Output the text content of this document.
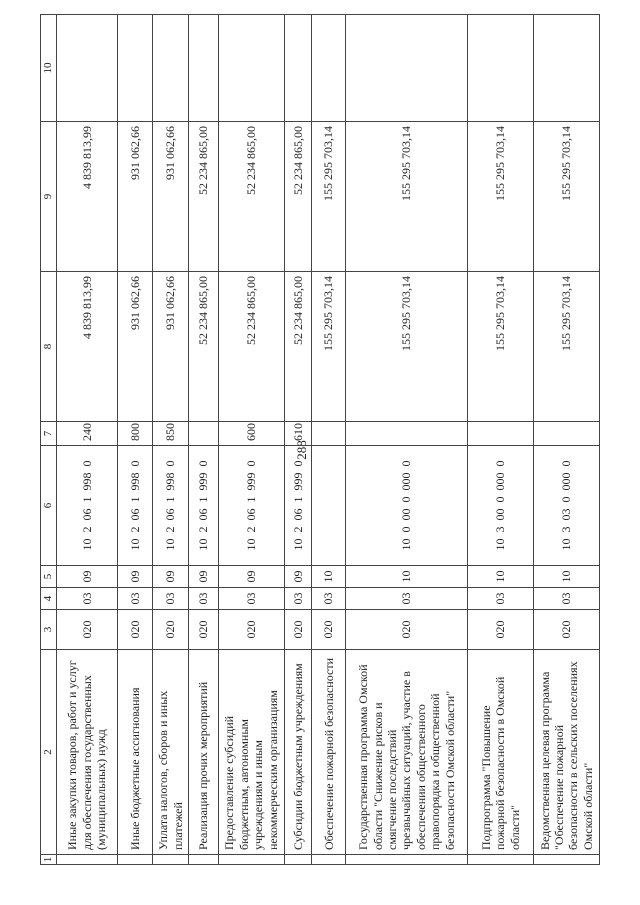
288
1	2	3	4	5	6	7	8	9	10
	Иные закупки товаров, работ и услуг для обеспечения государственных (муниципальных) нужд	020	03	09	10 2 06 1 998 0	240	4 839 813,99	4 839 813,99	
	Иные бюджетные ассигнования	020	03	09	10 2 06 1 998 0	800	931 062,66	931 062,66	
	Уплата налогов, сборов и иных платежей	020	03	09	10 2 06 1 998 0	850	931 062,66	931 062,66	
	Реализация прочих мероприятий	020	03	09	10 2 06 1 999 0		52 234 865,00	52 234 865,00	
	Предоставление субсидий бюджетным, автономным учреждениям и иным некоммерческим организациям	020	03	09	10 2 06 1 999 0	600	52 234 865,00	52 234 865,00	
	Субсидии бюджетным учреждениям	020	03	09	10 2 06 1 999 0	610	52 234 865,00	52 234 865,00	
	Обеспечение пожарной безопасности	020	03	10			155 295 703,14	155 295 703,14	
	Государственная программа Омской области "Снижение рисков и смягчение последствий чрезвычайных ситуаций, участие в обеспечении общественного правопорядка и общественной безопасности Омской области"	020	03	10	10 0 00 0 000 0		155 295 703,14	155 295 703,14	
	Подпрограмма "Повышение пожарной безопасности в Омской области"	020	03	10	10 3 00 0 000 0		155 295 703,14	155 295 703,14	
	Ведомственная целевая программа "Обеспечение пожарной безопасности в сельских поселениях Омской области"	020	03	10	10 3 03 0 000 0		155 295 703,14	155 295 703,14	
